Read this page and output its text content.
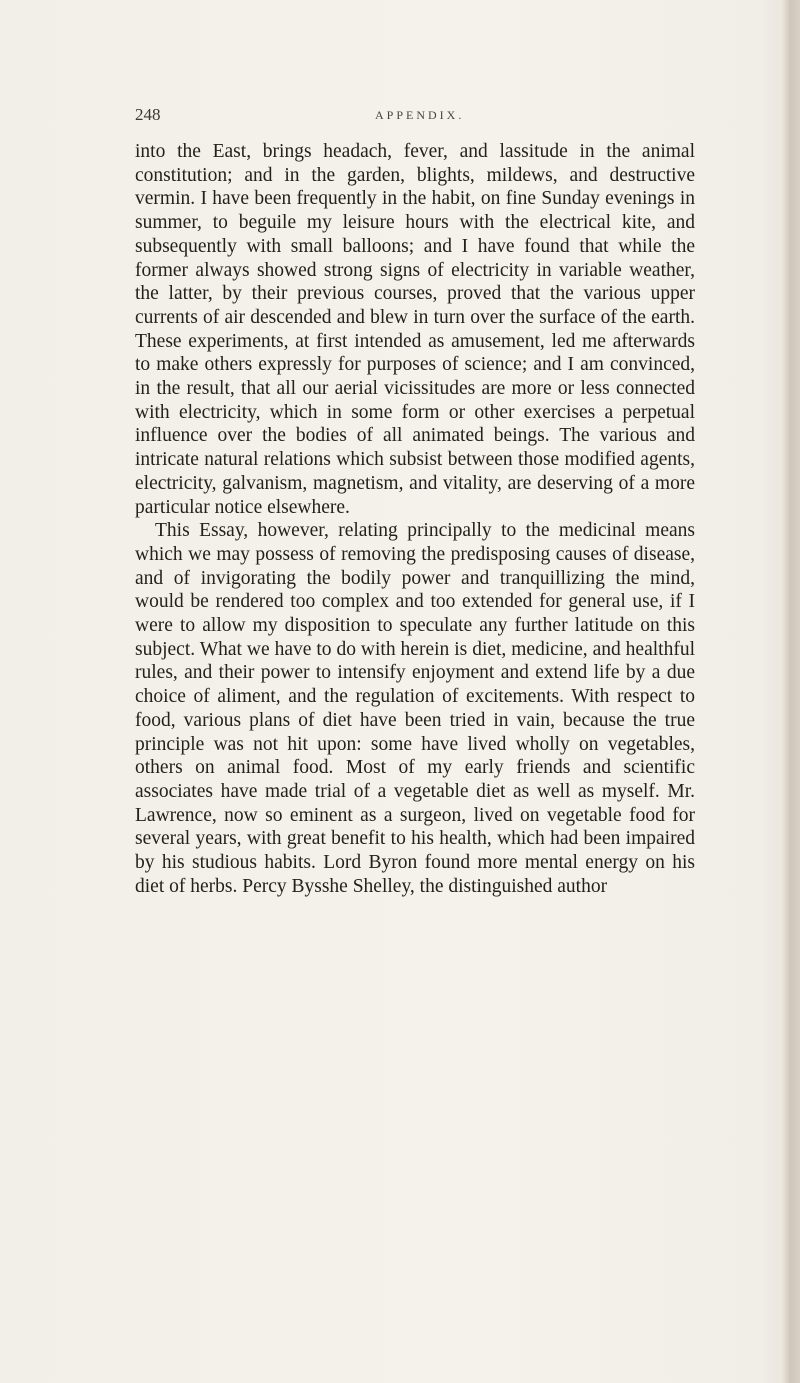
248	APPENDIX.

into the East, brings headach, fever, and lassitude in the animal constitution; and in the garden, blights, mildews, and destructive vermin. I have been frequently in the habit, on fine Sunday evenings in summer, to beguile my leisure hours with the electrical kite, and subsequently with small balloons; and I have found that while the former always showed strong signs of electricity in variable weather, the latter, by their previous courses, proved that the various upper currents of air descended and blew in turn over the surface of the earth. These experiments, at first intended as amusement, led me afterwards to make others expressly for purposes of science; and I am convinced, in the result, that all our aerial vicissitudes are more or less connected with electricity, which in some form or other exercises a perpetual influence over the bodies of all animated beings. The various and intricate natural relations which subsist between those modified agents, electricity, galvanism, magnetism, and vitality, are deserving of a more particular notice elsewhere.

This Essay, however, relating principally to the medicinal means which we may possess of removing the predisposing causes of disease, and of invigorating the bodily power and tranquillizing the mind, would be rendered too complex and too extended for general use, if I were to allow my disposition to speculate any further latitude on this subject. What we have to do with herein is diet, medicine, and healthful rules, and their power to intensify enjoyment and extend life by a due choice of aliment, and the regulation of excitements. With respect to food, various plans of diet have been tried in vain, because the true principle was not hit upon: some have lived wholly on vegetables, others on animal food. Most of my early friends and scientific associates have made trial of a vegetable diet as well as myself. Mr. Lawrence, now so eminent as a surgeon, lived on vegetable food for several years, with great benefit to his health, which had been impaired by his studious habits. Lord Byron found more mental energy on his diet of herbs. Percy Bysshe Shelley, the distinguished author
